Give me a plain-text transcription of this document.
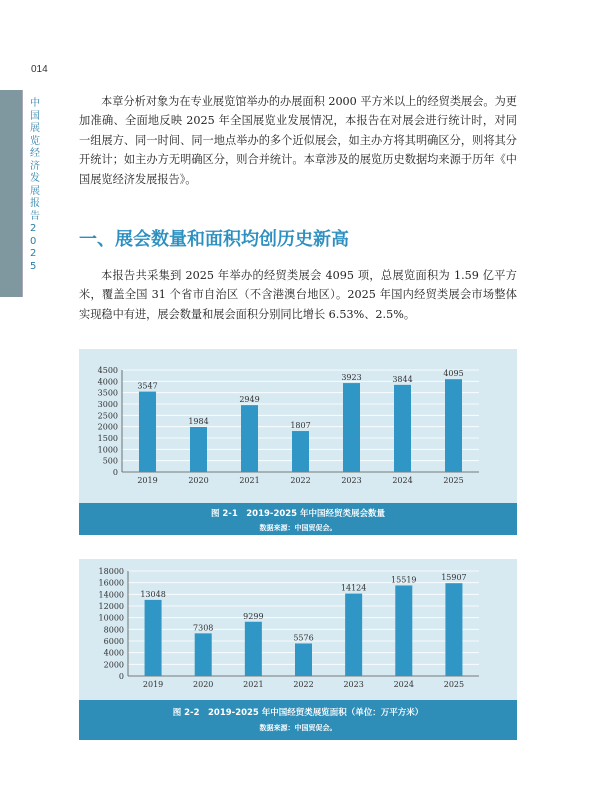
014
中国展览经济发展报告2025

本章分析对象为在专业展览馆举办的办展面积 2000 平方米以上的经贸类展会。为更加准确、全面地反映 2025 年全国展览业发展情况，本报告在对展会进行统计时，对同一组展方、同一时间、同一地点举办的多个近似展会，如主办方将其明确区分，则将其分开统计；如主办方无明确区分，则合并统计。本章涉及的展览历史数据均来源于历年《中国展览经济发展报告》。

一、展会数量和面积均创历史新高

本报告共采集到 2025 年举办的经贸类展会 4095 项，总展览面积为 1.59 亿平方米，覆盖全国 31 个省市自治区（不含港澳台地区）。2025 年国内经贸类展会市场整体实现稳中有进，展会数量和展会面积分别同比增长 6.53%、2.5%。

0
500
1000
1500
2000
2500
3000
3500
4000
4500
3547
2019
1984
2020
2949
2021
1807
2022
3923
2023
3844
2024
4095
2025
图 2-1　2019-2025 年中国经贸类展会数量
数据来源：中国贸促会。
0
2000
4000
6000
8000
10000
12000
14000
16000
18000
13048
2019
7308
2020
9299
2021
5576
2022
14124
2023
15519
2024
15907
2025
图 2-2　2019-2025 年中国经贸类展览面积（单位：万平方米）
数据来源：中国贸促会。
